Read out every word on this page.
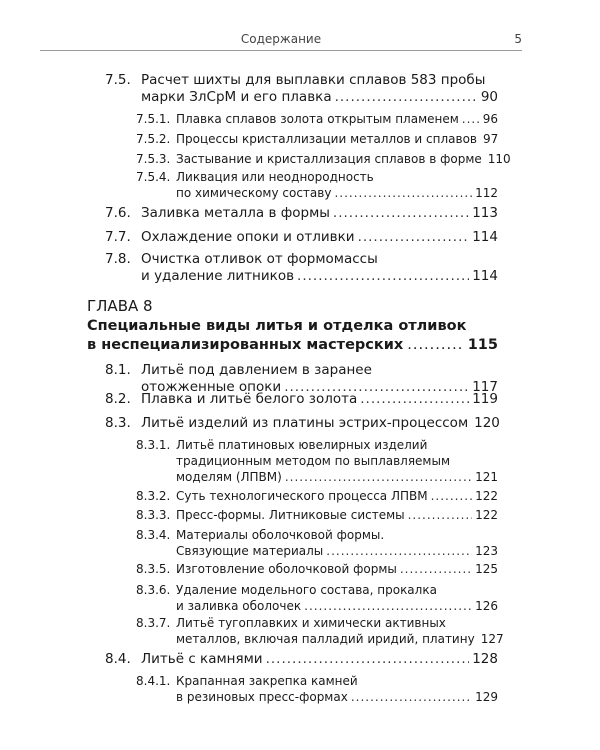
Содержание	5
7.5. Расчет шихты для выплавки сплавов 583 пробы
марки ЗлСрМ и его плавка .....	90
7.5.1. Плавка сплавов золота открытым пламенем ..... 96
7.5.2. Процессы кристаллизации металлов и сплавов 97
7.5.3. Застывание и кристаллизация сплавов в форме 110
7.5.4. Ликвация или неоднородность
по химическому составу .....	112
7.6. Заливка металла в формы .....	113
7.7. Охлаждение опоки и отливки .....	114
7.8. Очистка отливок от формомассы
и удаление литников .....	114
ГЛАВА 8
Специальные виды литья и отделка отливок
в неспециализированных мастерских .....	115
8.1. Литьё под давлением в заранее
отожженные опоки .....	117
8.2. Плавка и литьё белого золота .....	119
8.3. Литьё изделий из платины эстрих-процессом 120
8.3.1. Литьё платиновых ювелирных изделий
традиционным методом по выплавляемым
моделям (ЛПВМ) .....	121
8.3.2. Суть технологического процесса ЛПВМ .....	122
8.3.3. Пресс-формы. Литниковые системы .....	122
8.3.4. Материалы оболочковой формы.
Связующие материалы .....	123
8.3.5. Изготовление оболочковой формы .....	125
8.3.6. Удаление модельного состава, прокалка
и заливка оболочек .....	126
8.3.7. Литьё тугоплавких и химически активных
металлов, включая палладий иридий, платину 127
8.4. Литьё с камнями .....	128
8.4.1. Крапанная закрепка камней
в резиновых пресс-формах .....	129
